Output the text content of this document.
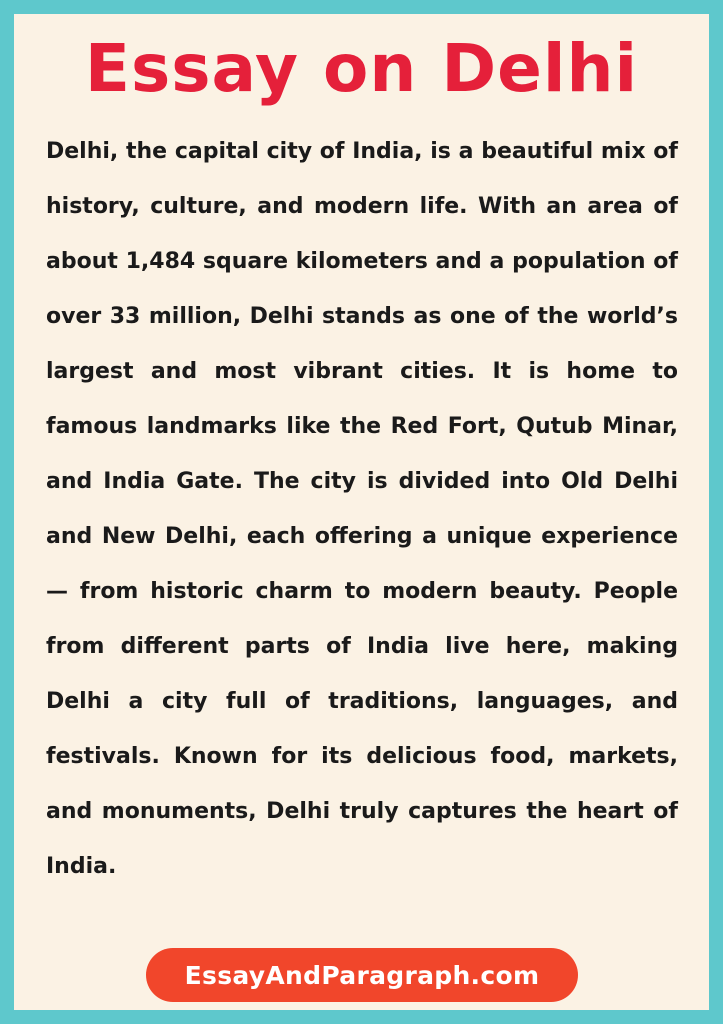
Essay on Delhi

Delhi, the capital city of India, is a beautiful mix of history, culture, and modern life. With an area of about 1,484 square kilometers and a population of over 33 million, Delhi stands as one of the world’s largest and most vibrant cities. It is home to famous landmarks like the Red Fort, Qutub Minar, and India Gate. The city is divided into Old Delhi and New Delhi, each offering a unique experience — from historic charm to modern beauty. People from different parts of India live here, making Delhi a city full of traditions, languages, and festivals. Known for its delicious food, markets, and monuments, Delhi truly captures the heart of India.

EssayAndParagraph.com
